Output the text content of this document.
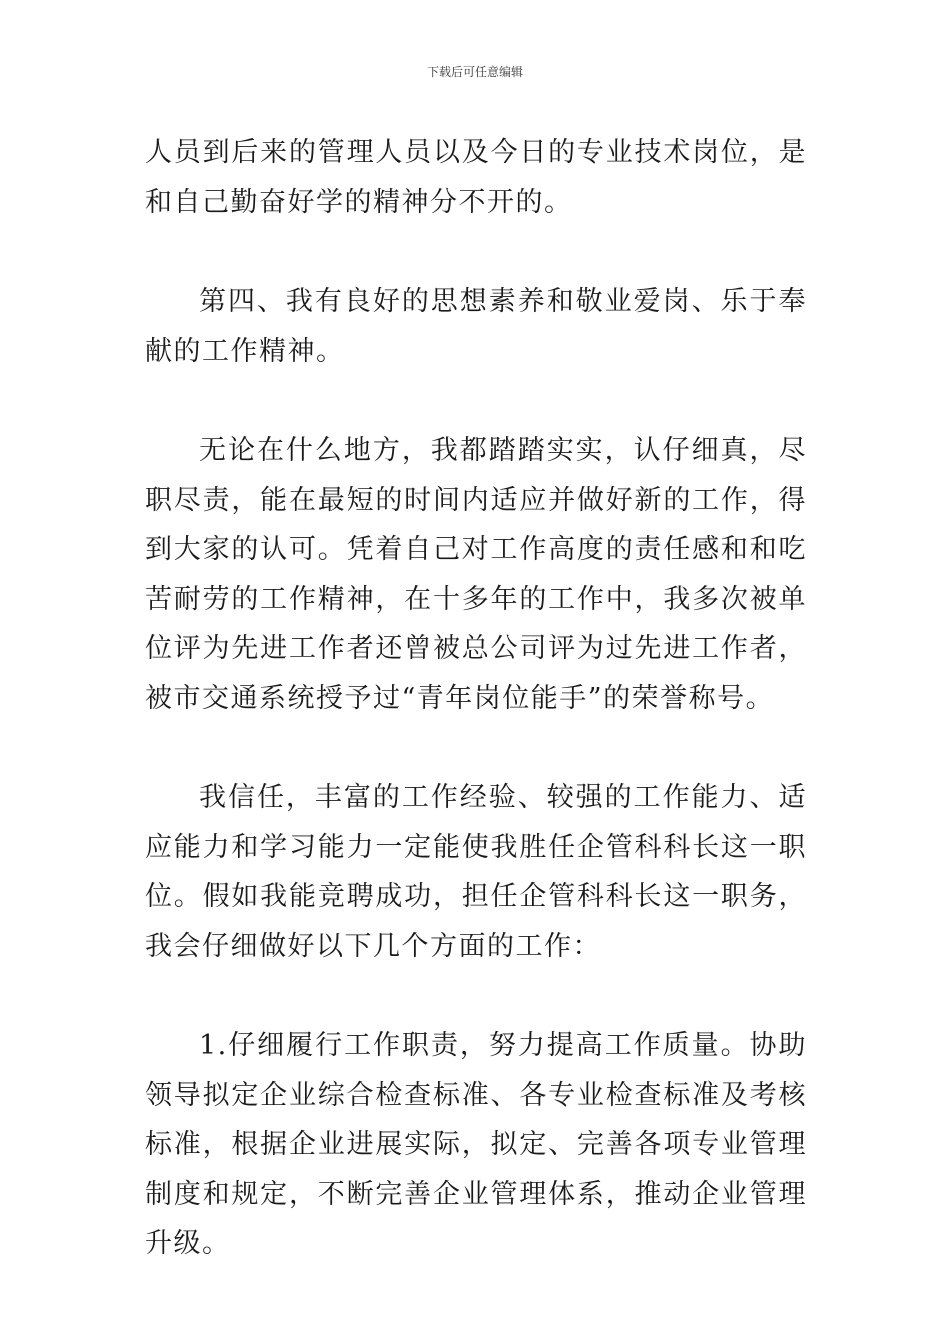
下载后可任意编辑

人员到后来的管理人员以及今日的专业技术岗位，是和自己勤奋好学的精神分不开的。

第四、我有良好的思想素养和敬业爱岗、乐于奉献的工作精神。

无论在什么地方，我都踏踏实实，认仔细真，尽职尽责，能在最短的时间内适应并做好新的工作，得到大家的认可。凭着自己对工作高度的责任感和和吃苦耐劳的工作精神，在十多年的工作中，我多次被单位评为先进工作者还曾被总公司评为过先进工作者，被市交通系统授予过“青年岗位能手”的荣誉称号。

我信任，丰富的工作经验、较强的工作能力、适应能力和学习能力一定能使我胜任企管科科长这一职位。假如我能竞聘成功，担任企管科科长这一职务，我会仔细做好以下几个方面的工作：

1.仔细履行工作职责，努力提高工作质量。协助领导拟定企业综合检查标准、各专业检查标准及考核标准，根据企业进展实际，拟定、完善各项专业管理制度和规定，不断完善企业管理体系，推动企业管理升级。
